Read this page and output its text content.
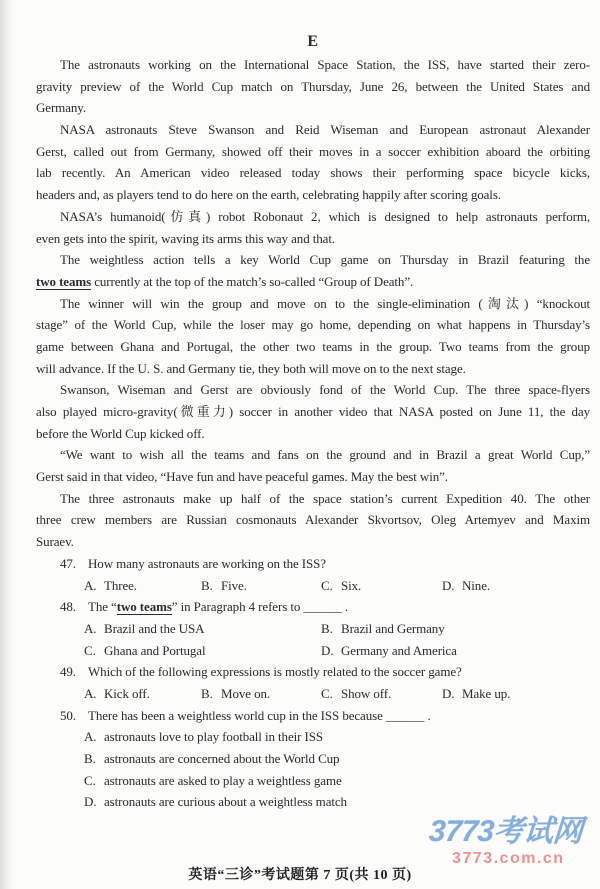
E
The astronauts working on the International Space Station, the ISS, have started their zero-
gravity preview of the World Cup match on Thursday, June 26, between the United States and
Germany.
NASA astronauts Steve Swanson and Reid Wiseman and European astronaut Alexander
Gerst, called out from Germany, showed off their moves in a soccer exhibition aboard the orbiting
lab recently. An American video released today shows their performing space bicycle kicks,
headers and, as players tend to do here on the earth, celebrating happily after scoring goals.
NASA’s humanoid(仿真) robot Robonaut 2, which is designed to help astronauts perform,
even gets into the spirit, waving its arms this way and that.
The weightless action tells a key World Cup game on Thursday in Brazil featuring the
two teams currently at the top of the match’s so-called “Group of Death”.
The winner will win the group and move on to the single-elimination (淘汰) “knockout
stage” of the World Cup, while the loser may go home, depending on what happens in Thursday’s
game between Ghana and Portugal, the other two teams in the group. Two teams from the group
will advance. If the U. S. and Germany tie, they both will move on to the next stage.
Swanson, Wiseman and Gerst are obviously fond of the World Cup. The three space-flyers
also played micro-gravity(微重力) soccer in another video that NASA posted on June 11, the day
before the World Cup kicked off.
“We want to wish all the teams and fans on the ground and in Brazil a great World Cup,”
Gerst said in that video, “Have fun and have peaceful games. May the best win”.
The three astronauts make up half of the space station’s current Expedition 40. The other
three crew members are Russian cosmonauts Alexander Skvortsov, Oleg Artemyev and Maxim
Suraev.
47. How many astronauts are working on the ISS?
A. Three.	B. Five.	C. Six.	D. Nine.
48. The “two teams” in Paragraph 4 refers to ______ .
A. Brazil and the USA	B. Brazil and Germany
C. Ghana and Portugal	D. Germany and America
49. Which of the following expressions is mostly related to the soccer game?
A. Kick off.	B. Move on.	C. Show off.	D. Make up.
50. There has been a weightless world cup in the ISS because ______ .
A. astronauts love to play football in their ISS
B. astronauts are concerned about the World Cup
C. astronauts are asked to play a weightless game
D. astronauts are curious about a weightless match
3773考试网
3773.com.cn
英语“三诊”考试题第 7 页(共 10 页)
